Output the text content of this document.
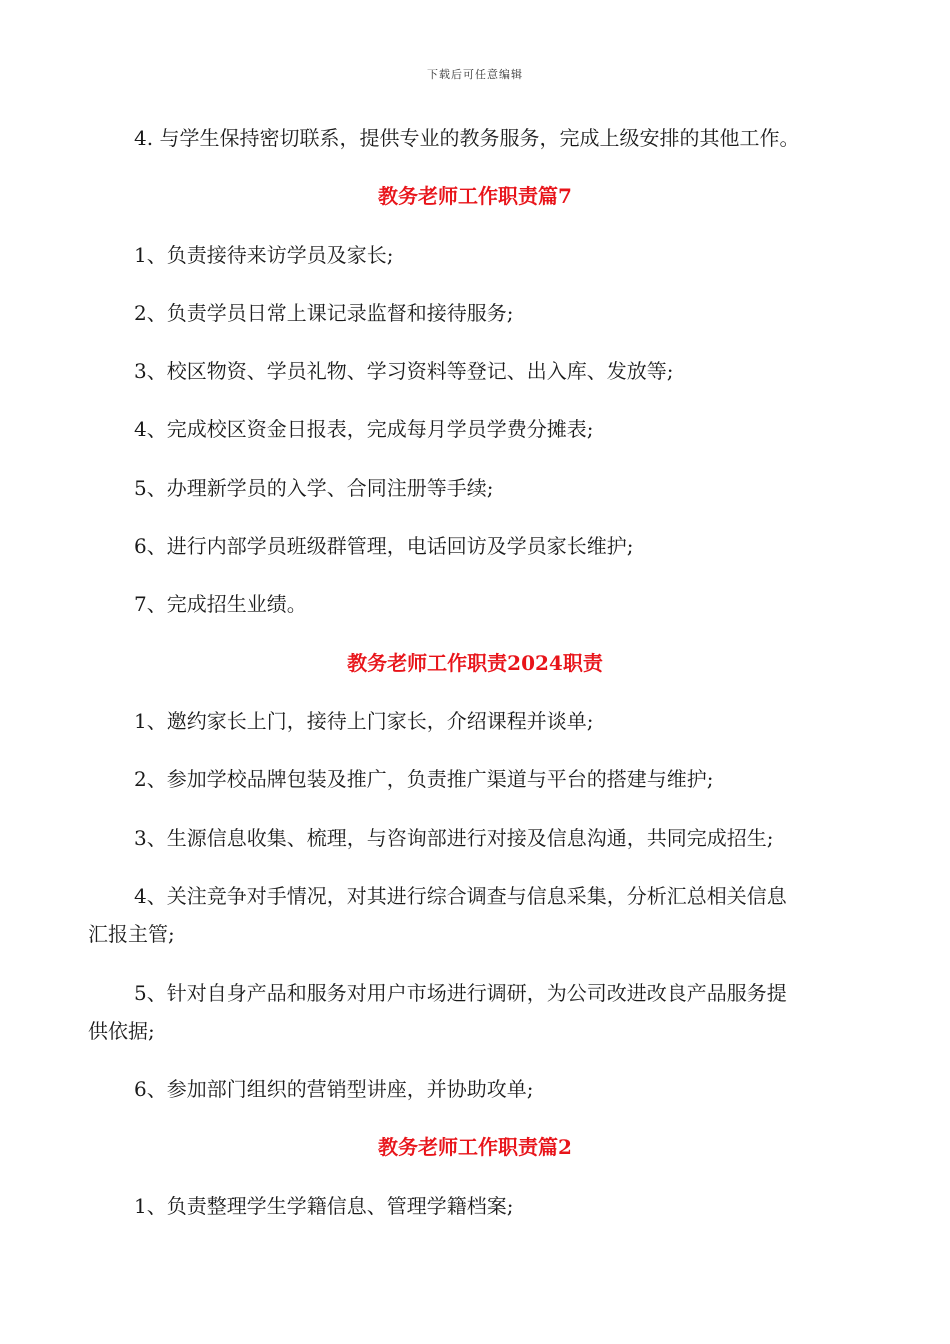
下载后可任意编辑
4. 与学生保持密切联系，提供专业的教务服务，完成上级安排的其他工作。
教务老师工作职责篇7
1、负责接待来访学员及家长;
2、负责学员日常上课记录监督和接待服务;
3、校区物资、学员礼物、学习资料等登记、出入库、发放等;
4、完成校区资金日报表，完成每月学员学费分摊表;
5、办理新学员的入学、合同注册等手续;
6、进行内部学员班级群管理，电话回访及学员家长维护;
7、完成招生业绩。
教务老师工作职责2024职责
1、邀约家长上门，接待上门家长，介绍课程并谈单;
2、参加学校品牌包装及推广，负责推广渠道与平台的搭建与维护;
3、生源信息收集、梳理，与咨询部进行对接及信息沟通，共同完成招生;
4、关注竞争对手情况，对其进行综合调查与信息采集，分析汇总相关信息
汇报主管;
5、针对自身产品和服务对用户市场进行调研，为公司改进改良产品服务提
供依据;
6、参加部门组织的营销型讲座，并协助攻单;
教务老师工作职责篇2
1、负责整理学生学籍信息、管理学籍档案;
